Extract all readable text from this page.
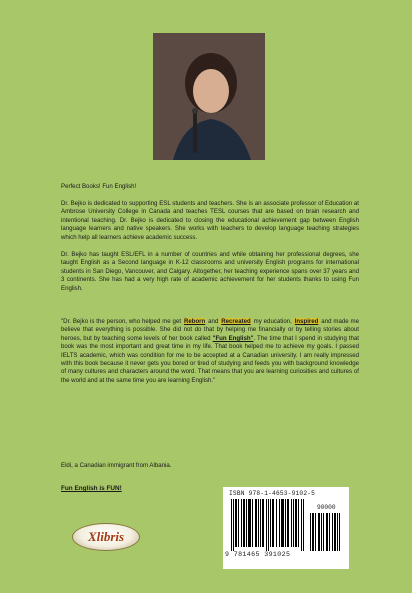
Perfect Books! Fun English!

Dr. Bejko is dedicated to supporting ESL students and teachers. She is an associate professor of Education at Ambrose University College in Canada and teaches TESL courses that are based on brain research and intentional teaching. Dr. Bejko is dedicated to closing the educational achievement gap between English language learners and native speakers. She works with teachers to develop language teaching strategies which help all learners achieve academic success.

Dr. Bejko has taught ESL/EFL in a number of countries and while obtaining her professional degrees, she taught English as a Second language in K-12 classrooms and university English programs for international students in San Diego, Vancouver, and Calgary. Altogether, her teaching experience spans over 37 years and 3 continents. She has had a very high rate of academic achievement for her students thanks to using Fun English.

"Dr. Bejko is the person, who helped me get Reborn and Recreated my education, Inspired and made me believe that everything is possible. She did not do that by helping me financially or by telling stories about heroes, but by teaching some levels of her book called "Fun English". The time that I spend in studying that book was the most important and great time in my life. That book helped me to achieve my goals. I passed IELTS academic, which was condition for me to be accepted at a Canadian university. I am really impressed with this book because it never gets you bored or tired of studying and feeds you with background knowledge of many cultures and characters around the word. That means that you are learning curiosities and cultures of the world and at the same time you are learning English."

Eldi, a Canadian immigrant from Albania.

Fun English is FUN!
Xlibris
ISBN 978-1-4653-9102-5
90000
9 781465 391025
